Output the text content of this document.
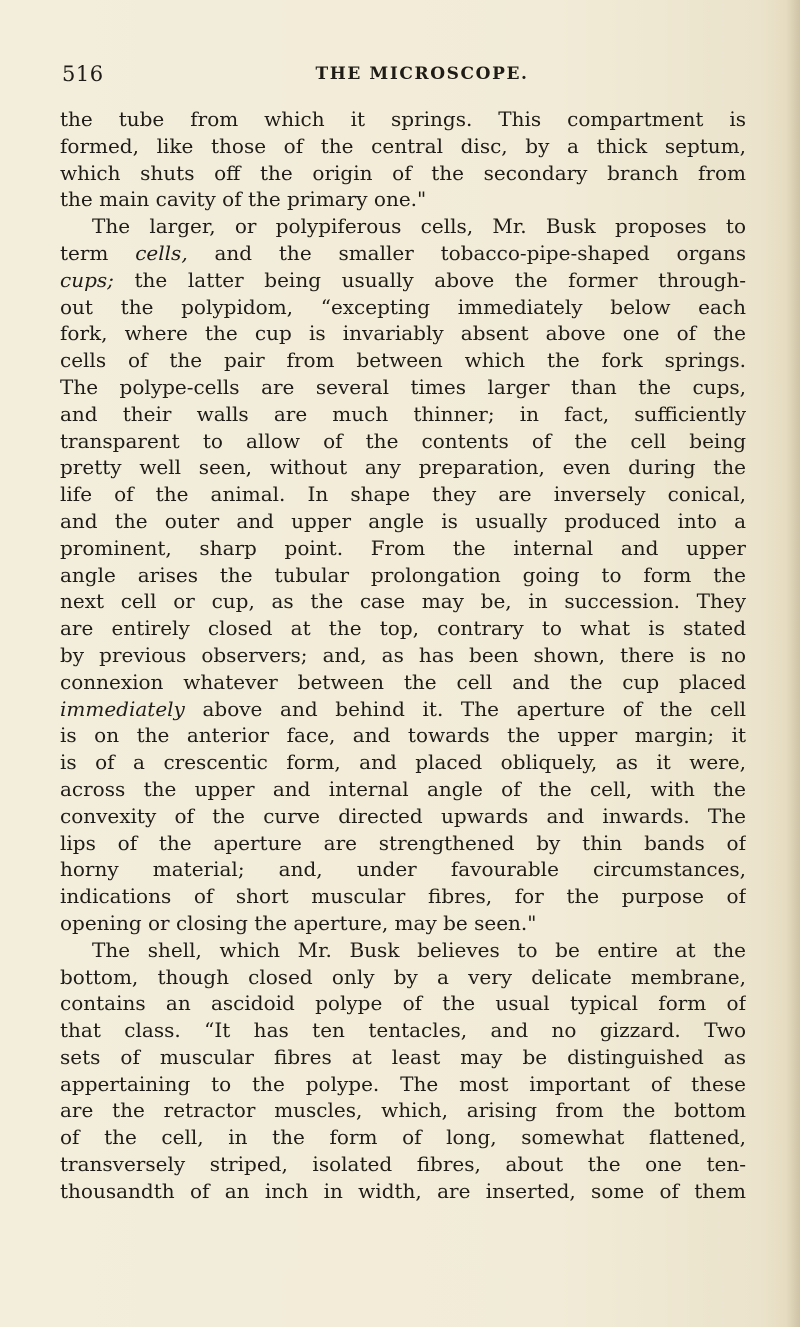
516	THE MICROSCOPE.
the tube from which it springs. This compartment is
formed, like those of the central disc, by a thick septum,
which shuts off the origin of the secondary branch from
the main cavity of the primary one."
The larger, or polypiferous cells, Mr. Busk proposes to
term cells, and the smaller tobacco-pipe-shaped organs
cups; the latter being usually above the former through-
out the polypidom, “excepting immediately below each
fork, where the cup is invariably absent above one of the
cells of the pair from between which the fork springs.
The polype-cells are several times larger than the cups,
and their walls are much thinner; in fact, sufficiently
transparent to allow of the contents of the cell being
pretty well seen, without any preparation, even during the
life of the animal. In shape they are inversely conical,
and the outer and upper angle is usually produced into a
prominent, sharp point. From the internal and upper
angle arises the tubular prolongation going to form the
next cell or cup, as the case may be, in succession. They
are entirely closed at the top, contrary to what is stated
by previous observers; and, as has been shown, there is no
connexion whatever between the cell and the cup placed
immediately above and behind it. The aperture of the cell
is on the anterior face, and towards the upper margin; it
is of a crescentic form, and placed obliquely, as it were,
across the upper and internal angle of the cell, with the
convexity of the curve directed upwards and inwards. The
lips of the aperture are strengthened by thin bands of
horny material; and, under favourable circumstances,
indications of short muscular fibres, for the purpose of
opening or closing the aperture, may be seen."
The shell, which Mr. Busk believes to be entire at the
bottom, though closed only by a very delicate membrane,
contains an ascidoid polype of the usual typical form of
that class. “It has ten tentacles, and no gizzard. Two
sets of muscular fibres at least may be distinguished as
appertaining to the polype. The most important of these
are the retractor muscles, which, arising from the bottom
of the cell, in the form of long, somewhat flattened,
transversely striped, isolated fibres, about the one ten-
thousandth of an inch in width, are inserted, some of them
